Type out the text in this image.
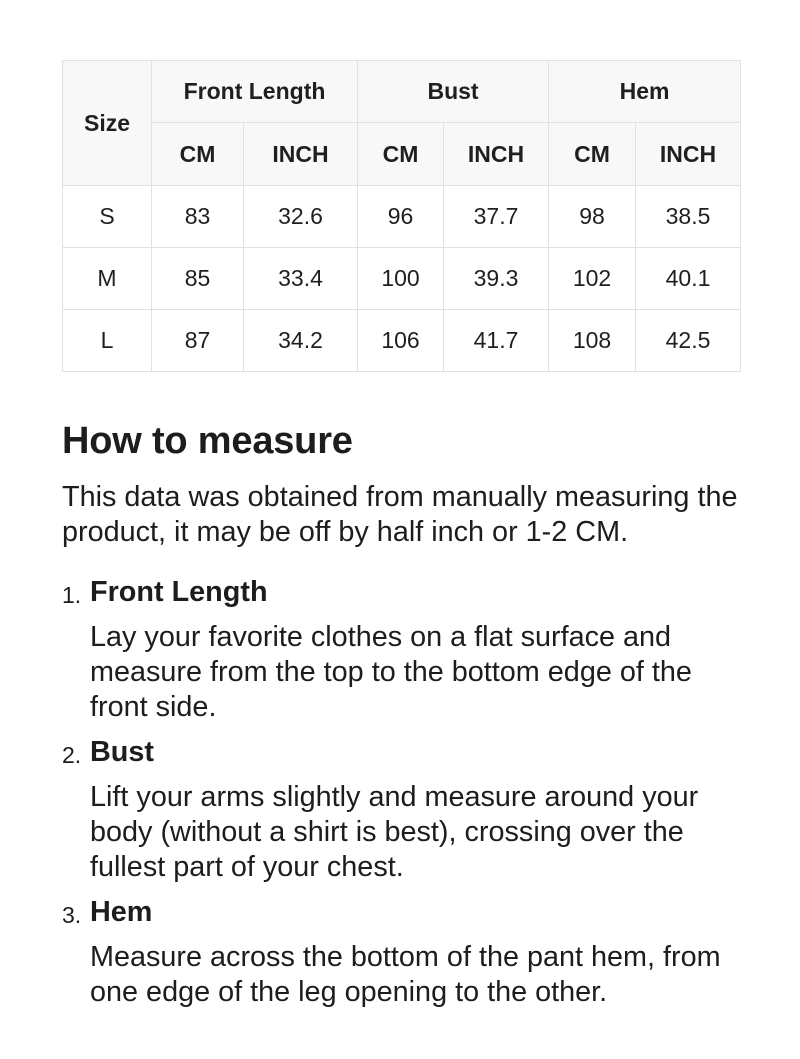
Size	Front Length		Bust		Hem	
	CM	INCH	CM	INCH	CM	INCH
S	83	32.6	96	37.7	98	38.5
M	85	33.4	100	39.3	102	40.1
L	87	34.2	106	41.7	108	42.5
How to measure

This data was obtained from manually measuring the product, it may be off by half inch or 1-2 CM.

1. Front Length

Lay your favorite clothes on a flat surface and measure from the top to the bottom edge of the front side.

2. Bust

Lift your arms slightly and measure around your body (without a shirt is best), crossing over the fullest part of your chest.

3. Hem

Measure across the bottom of the pant hem, from one edge of the leg opening to the other.
